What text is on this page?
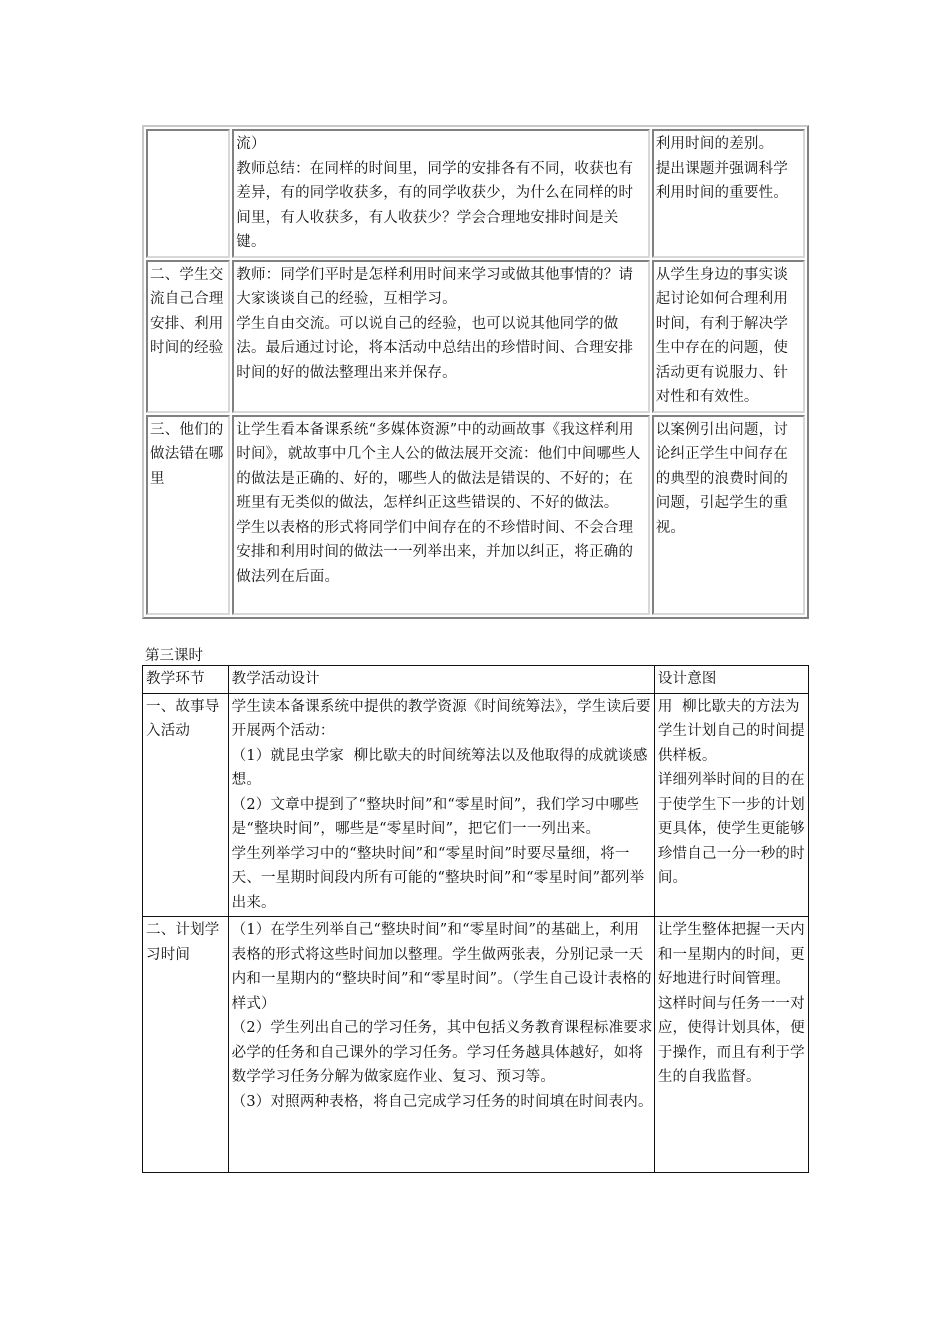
	流）
教师总结：在同样的时间里，同学的安排各有不同，收获也有差异，有的同学收获多，有的同学收获少，为什么在同样的时间里，有人收获多，有人收获少？学会合理地安排时间是关键。	利用时间的差别。
提出课题并强调科学利用时间的重要性。
二、学生交流自己合理安排、利用时间的经验	教师：同学们平时是怎样利用时间来学习或做其他事情的？请大家谈谈自己的经验，互相学习。
学生自由交流。可以说自己的经验，也可以说其他同学的做法。最后通过讨论，将本活动中总结出的珍惜时间、合理安排时间的好的做法整理出来并保存。	从学生身边的事实谈起讨论如何合理利用时间，有利于解决学生中存在的问题，使活动更有说服力、针对性和有效性。
三、他们的做法错在哪里	让学生看本备课系统“多媒体资源”中的动画故事《我这样利用时间》，就故事中几个主人公的做法展开交流：他们中间哪些人的做法是正确的、好的，哪些人的做法是错误的、不好的；在班里有无类似的做法，怎样纠正这些错误的、不好的做法。
学生以表格的形式将同学们中间存在的不珍惜时间、不会合理安排和利用时间的做法一一列举出来，并加以纠正，将正确的做法列在后面。	以案例引出问题，讨论纠正学生中间存在的典型的浪费时间的问题，引起学生的重视。
第三课时
教学环节	教学活动设计	设计意图
一、故事导入活动	学生读本备课系统中提供的教学资源《时间统筹法》，学生读后要开展两个活动：
（1）就昆虫学家  柳比歇夫的时间统筹法以及他取得的成就谈感想。
（2）文章中提到了“整块时间”和“零星时间”，我们学习中哪些是“整块时间”，哪些是“零星时间”，把它们一一列出来。
学生列举学习中的“整块时间”和“零星时间”时要尽量细，将一天、一星期时间段内所有可能的“整块时间”和“零星时间”都列举出来。	用  柳比歇夫的方法为学生计划自己的时间提供样板。
详细列举时间的目的在于使学生下一步的计划更具体，使学生更能够珍惜自己一分一秒的时间。
二、计划学习时间	（1）在学生列举自己“整块时间”和“零星时间”的基础上，利用表格的形式将这些时间加以整理。学生做两张表，分别记录一天内和一星期内的“整块时间”和“零星时间”。（学生自己设计表格的样式）
（2）学生列出自己的学习任务，其中包括义务教育课程标准要求必学的任务和自己课外的学习任务。学习任务越具体越好，如将数学学习任务分解为做家庭作业、复习、预习等。
（3）对照两种表格，将自己完成学习任务的时间填在时间表内。	让学生整体把握一天内和一星期内的时间，更好地进行时间管理。
这样时间与任务一一对应，使得计划具体，便于操作，而且有利于学生的自我监督。
